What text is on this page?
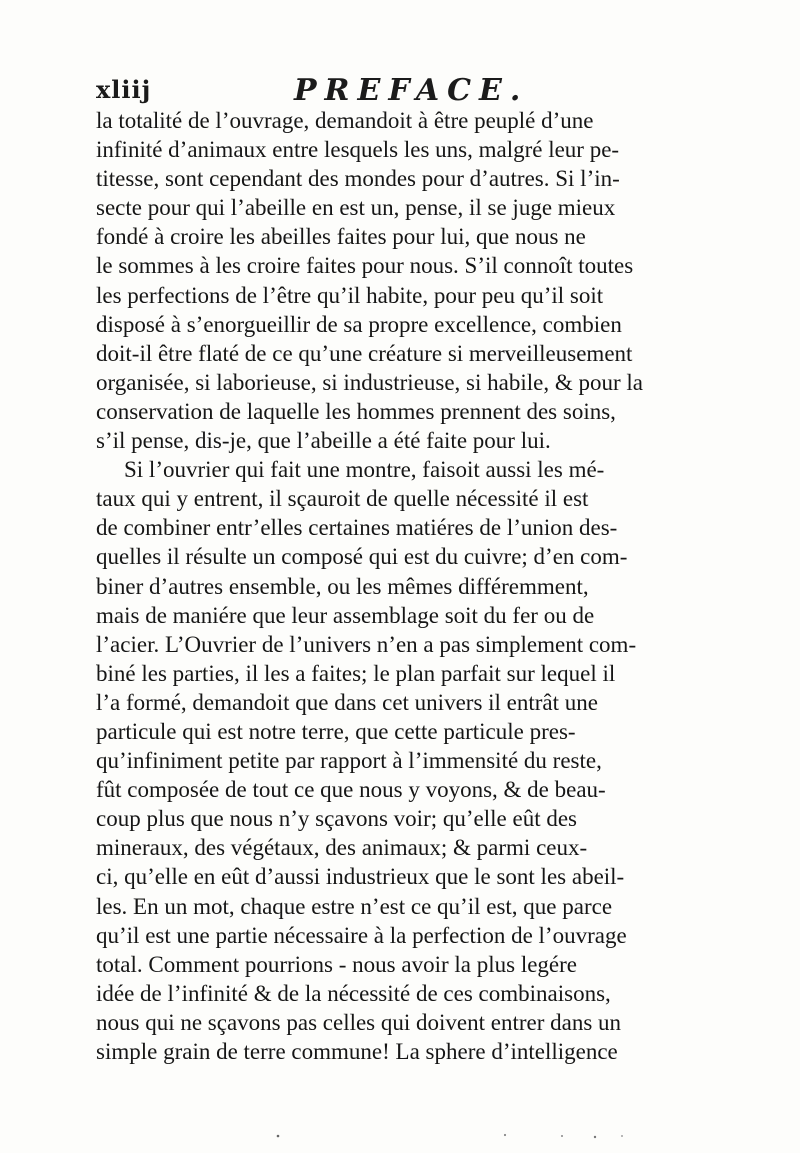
xliij	PREFACE.
la totalité de l’ouvrage, demandoit à être peuplé d’une
infinité d’animaux entre lesquels les uns, malgré leur pe-
titesse, sont cependant des mondes pour d’autres. Si l’in-
secte pour qui l’abeille en est un, pense, il se juge mieux
fondé à croire les abeilles faites pour lui, que nous ne
le sommes à les croire faites pour nous. S’il connoît toutes
les perfections de l’être qu’il habite, pour peu qu’il soit
disposé à s’enorgueillir de sa propre excellence, combien
doit-il être flaté de ce qu’une créature si merveilleusement
organisée, si laborieuse, si industrieuse, si habile, & pour la
conservation de laquelle les hommes prennent des soins,
s’il pense, dis-je, que l’abeille a été faite pour lui.
Si l’ouvrier qui fait une montre, faisoit aussi les mé-
taux qui y entrent, il sçauroit de quelle nécessité il est
de combiner entr’elles certaines matiéres de l’union des-
quelles il résulte un composé qui est du cuivre; d’en com-
biner d’autres ensemble, ou les mêmes différemment,
mais de maniére que leur assemblage soit du fer ou de
l’acier. L’Ouvrier de l’univers n’en a pas simplement com-
biné les parties, il les a faites; le plan parfait sur lequel il
l’a formé, demandoit que dans cet univers il entrât une
particule qui est notre terre, que cette particule pres-
qu’infiniment petite par rapport à l’immensité du reste,
fût composée de tout ce que nous y voyons, & de beau-
coup plus que nous n’y sçavons voir; qu’elle eût des
mineraux, des végétaux, des animaux; & parmi ceux-
ci, qu’elle en eût d’aussi industrieux que le sont les abeil-
les. En un mot, chaque estre n’est ce qu’il est, que parce
qu’il est une partie nécessaire à la perfection de l’ouvrage
total. Comment pourrions - nous avoir la plus legére
idée de l’infinité & de la nécessité de ces combinaisons,
nous qui ne sçavons pas celles qui doivent entrer dans un
simple grain de terre commune! La sphere d’intelligence
